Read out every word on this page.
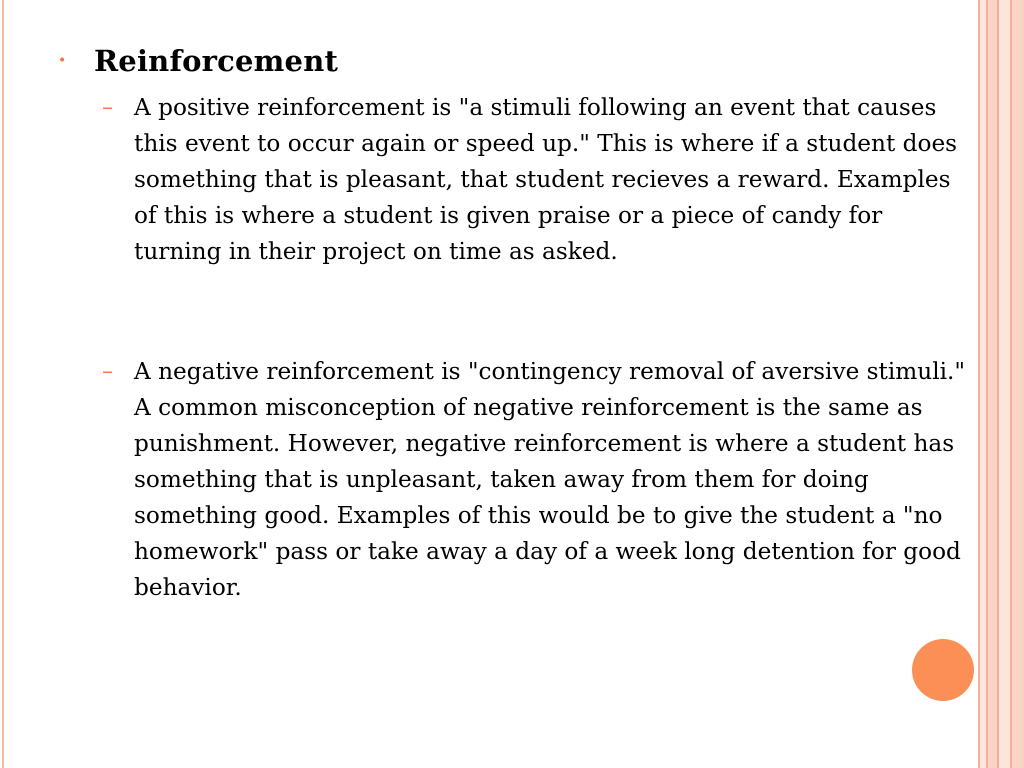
• Reinforcement
– A positive reinforcement is "a stimuli following an event that causes this event to occur again or speed up." This is where if a student does something that is pleasant, that student recieves a reward. Examples of this is where a student is given praise or a piece of candy for turning in their project on time as asked.
– A negative reinforcement is "contingency removal of aversive stimuli." A common misconception of negative reinforcement is the same as punishment. However, negative reinforcement is where a student has something that is unpleasant, taken away from them for doing something good. Examples of this would be to give the student a "no homework" pass or take away a day of a week long detention for good behavior.
